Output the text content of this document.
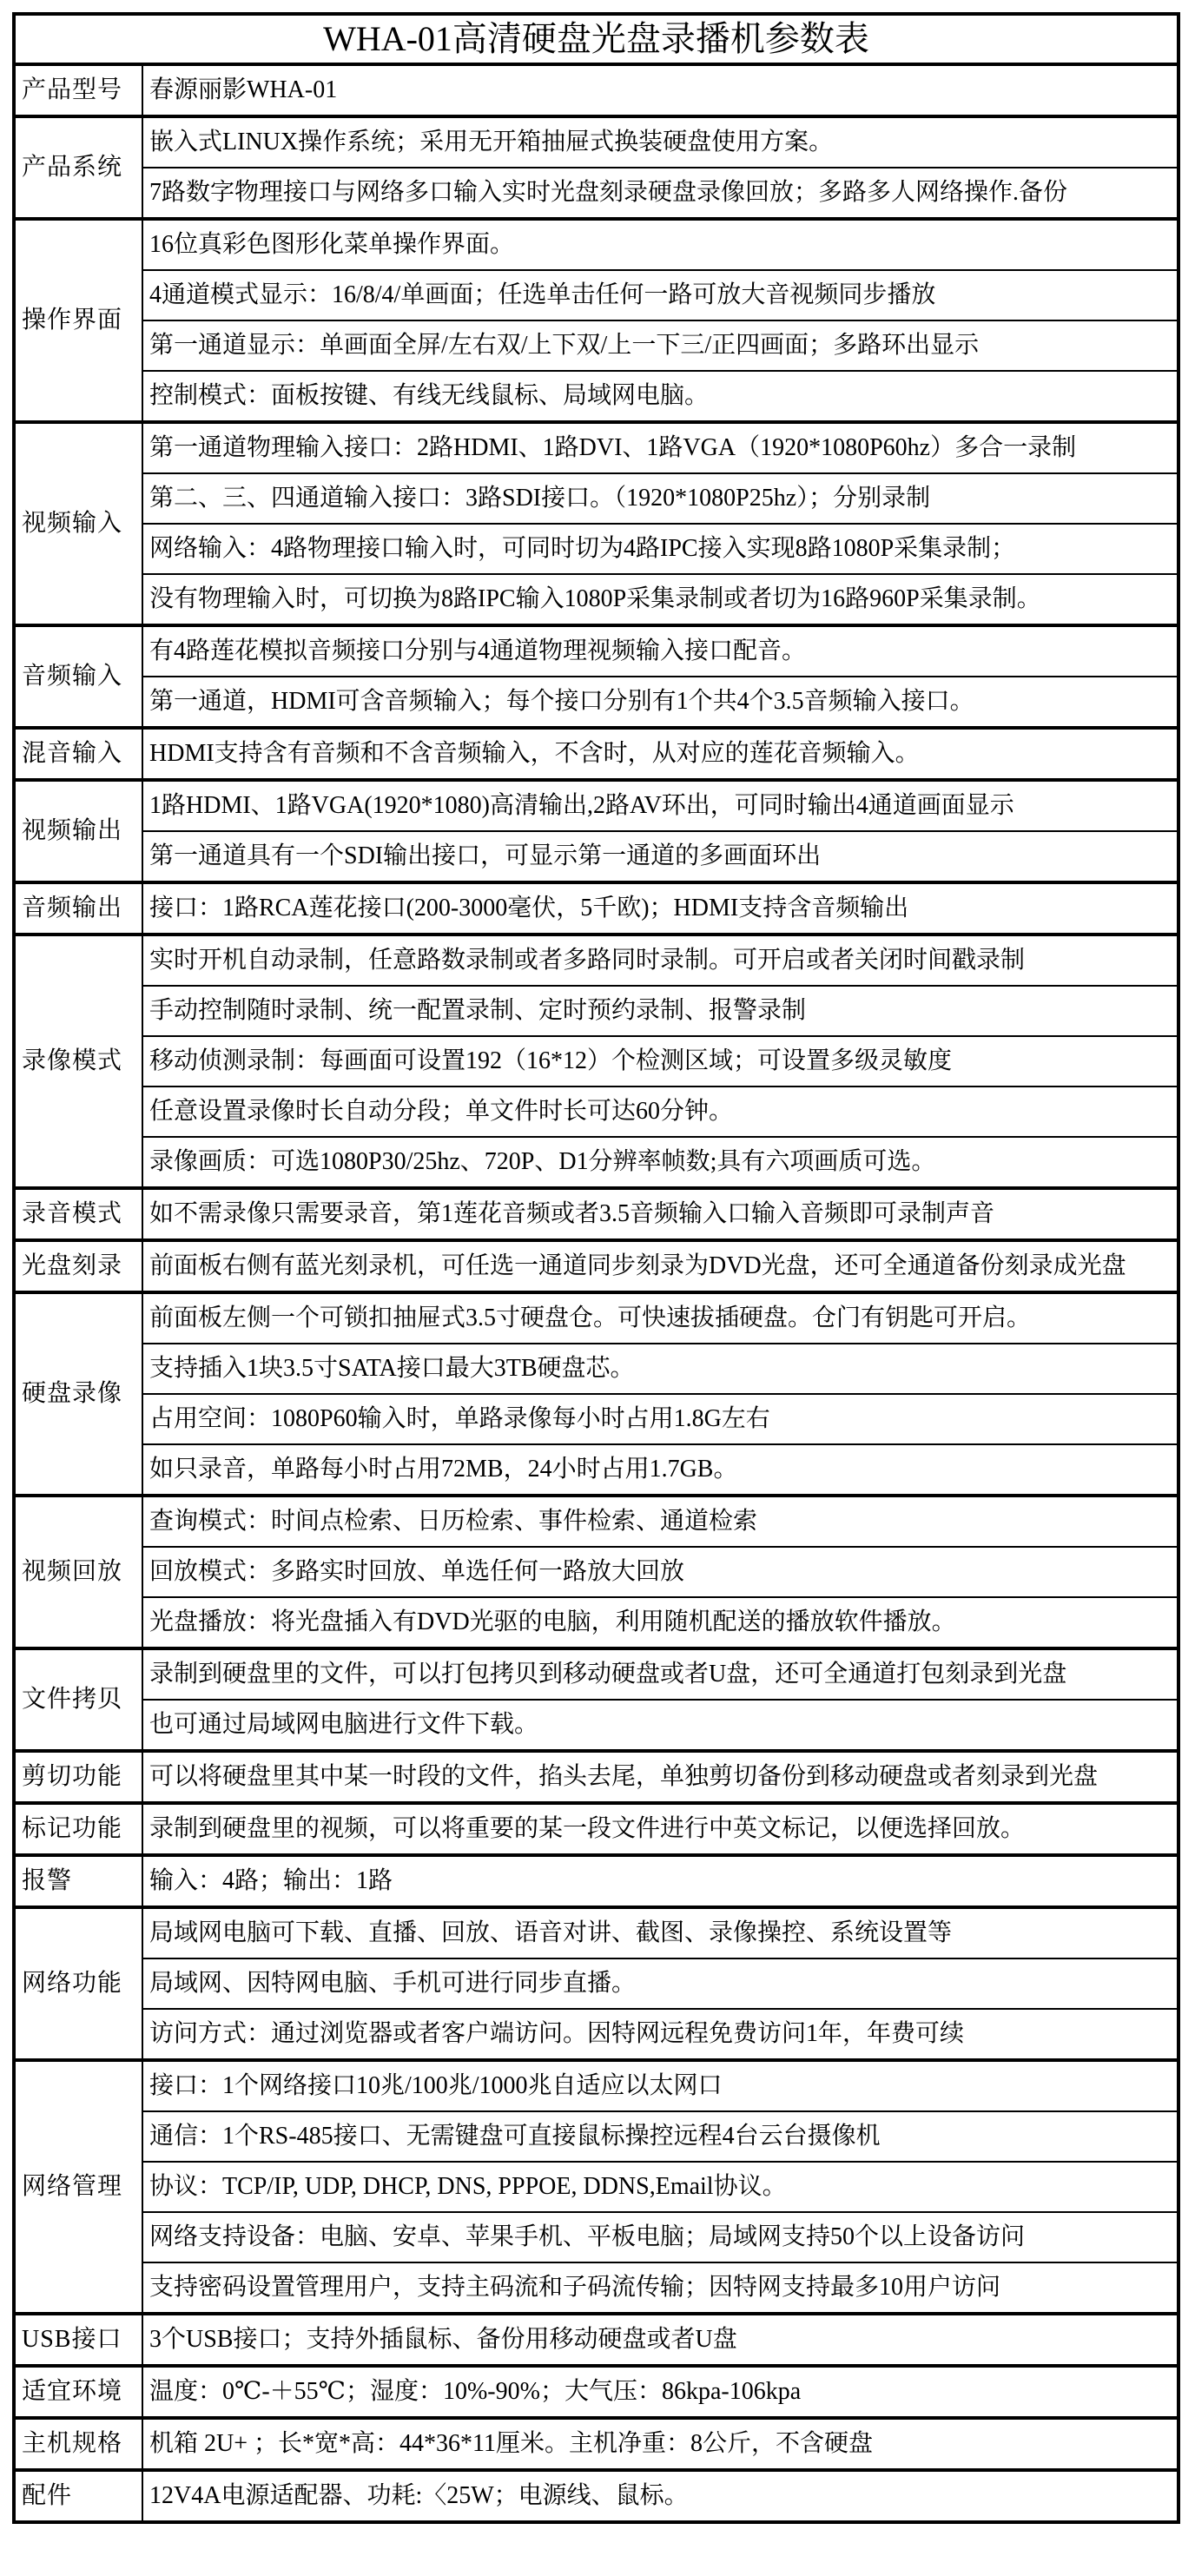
WHA-01高清硬盘光盘录播机参数表	
产品型号	春源丽影WHA-01
产品系统	嵌入式LINUX操作系统；采用无开箱抽屉式换装硬盘使用方案。
	7路数字物理接口与网络多口输入实时光盘刻录硬盘录像回放；多路多人网络操作.备份
操作界面	16位真彩色图形化菜单操作界面。
	4通道模式显示：16/8/4/单画面；任选单击任何一路可放大音视频同步播放
	第一通道显示：单画面全屏/左右双/上下双/上一下三/正四画面；多路环出显示
	控制模式：面板按键、有线无线鼠标、局域网电脑。
视频输入	第一通道物理输入接口：2路HDMI、1路DVI、1路VGA（1920*1080P60hz）多合一录制
	第二、三、四通道输入接口：3路SDI接口。（1920*1080P25hz）；分别录制
	网络输入：4路物理接口输入时，可同时切为4路IPC接入实现8路1080P采集录制；
	没有物理输入时，可切换为8路IPC输入1080P采集录制或者切为16路960P采集录制。
音频输入	有4路莲花模拟音频接口分别与4通道物理视频输入接口配音。
	第一通道，HDMI可含音频输入；每个接口分别有1个共4个3.5音频输入接口。
混音输入	HDMI支持含有音频和不含音频输入，不含时，从对应的莲花音频输入。
视频输出	1路HDMI、1路VGA(1920*1080)高清输出,2路AV环出，可同时输出4通道画面显示
	第一通道具有一个SDI输出接口，可显示第一通道的多画面环出
音频输出	接口：1路RCA莲花接口(200-3000毫伏，5千欧)；HDMI支持含音频输出
录像模式	实时开机自动录制，任意路数录制或者多路同时录制。可开启或者关闭时间戳录制
	手动控制随时录制、统一配置录制、定时预约录制、报警录制
	移动侦测录制：每画面可设置192（16*12）个检测区域；可设置多级灵敏度
	任意设置录像时长自动分段；单文件时长可达60分钟。
	录像画质：可选1080P30/25hz、720P、D1分辨率帧数;具有六项画质可选。
录音模式	如不需录像只需要录音，第1莲花音频或者3.5音频输入口输入音频即可录制声音
光盘刻录	前面板右侧有蓝光刻录机，可任选一通道同步刻录为DVD光盘，还可全通道备份刻录成光盘
硬盘录像	前面板左侧一个可锁扣抽屉式3.5寸硬盘仓。可快速拔插硬盘。仓门有钥匙可开启。
	支持插入1块3.5寸SATA接口最大3TB硬盘芯。
	占用空间：1080P60输入时，单路录像每小时占用1.8G左右
	如只录音，单路每小时占用72MB，24小时占用1.7GB。
视频回放	查询模式：时间点检索、日历检索、事件检索、通道检索
	回放模式：多路实时回放、单选任何一路放大回放
	光盘播放：将光盘插入有DVD光驱的电脑，利用随机配送的播放软件播放。
文件拷贝	录制到硬盘里的文件，可以打包拷贝到移动硬盘或者U盘，还可全通道打包刻录到光盘
	也可通过局域网电脑进行文件下载。
剪切功能	可以将硬盘里其中某一时段的文件，掐头去尾，单独剪切备份到移动硬盘或者刻录到光盘
标记功能	录制到硬盘里的视频，可以将重要的某一段文件进行中英文标记，以便选择回放。
报警	输入：4路；输出：1路
网络功能	局域网电脑可下载、直播、回放、语音对讲、截图、录像操控、系统设置等
	局域网、因特网电脑、手机可进行同步直播。
	访问方式：通过浏览器或者客户端访问。因特网远程免费访问1年，年费可续
网络管理	接口：1个网络接口10兆/100兆/1000兆自适应以太网口
	通信：1个RS-485接口、无需键盘可直接鼠标操控远程4台云台摄像机
	协议：TCP/IP, UDP, DHCP, DNS, PPPOE, DDNS,Email协议。
	网络支持设备：电脑、安卓、苹果手机、平板电脑；局域网支持50个以上设备访问
	支持密码设置管理用户，支持主码流和子码流传输；因特网支持最多10用户访问
USB接口	3个USB接口；支持外插鼠标、备份用移动硬盘或者U盘
适宜环境	温度：0℃-＋55℃；湿度：10%-90%；大气压：86kpa-106kpa
主机规格	机箱 2U+ ；长*宽*高：44*36*11厘米。主机净重：8公斤，不含硬盘
配件	12V4A电源适配器、功耗:〈25W；电源线、鼠标。
